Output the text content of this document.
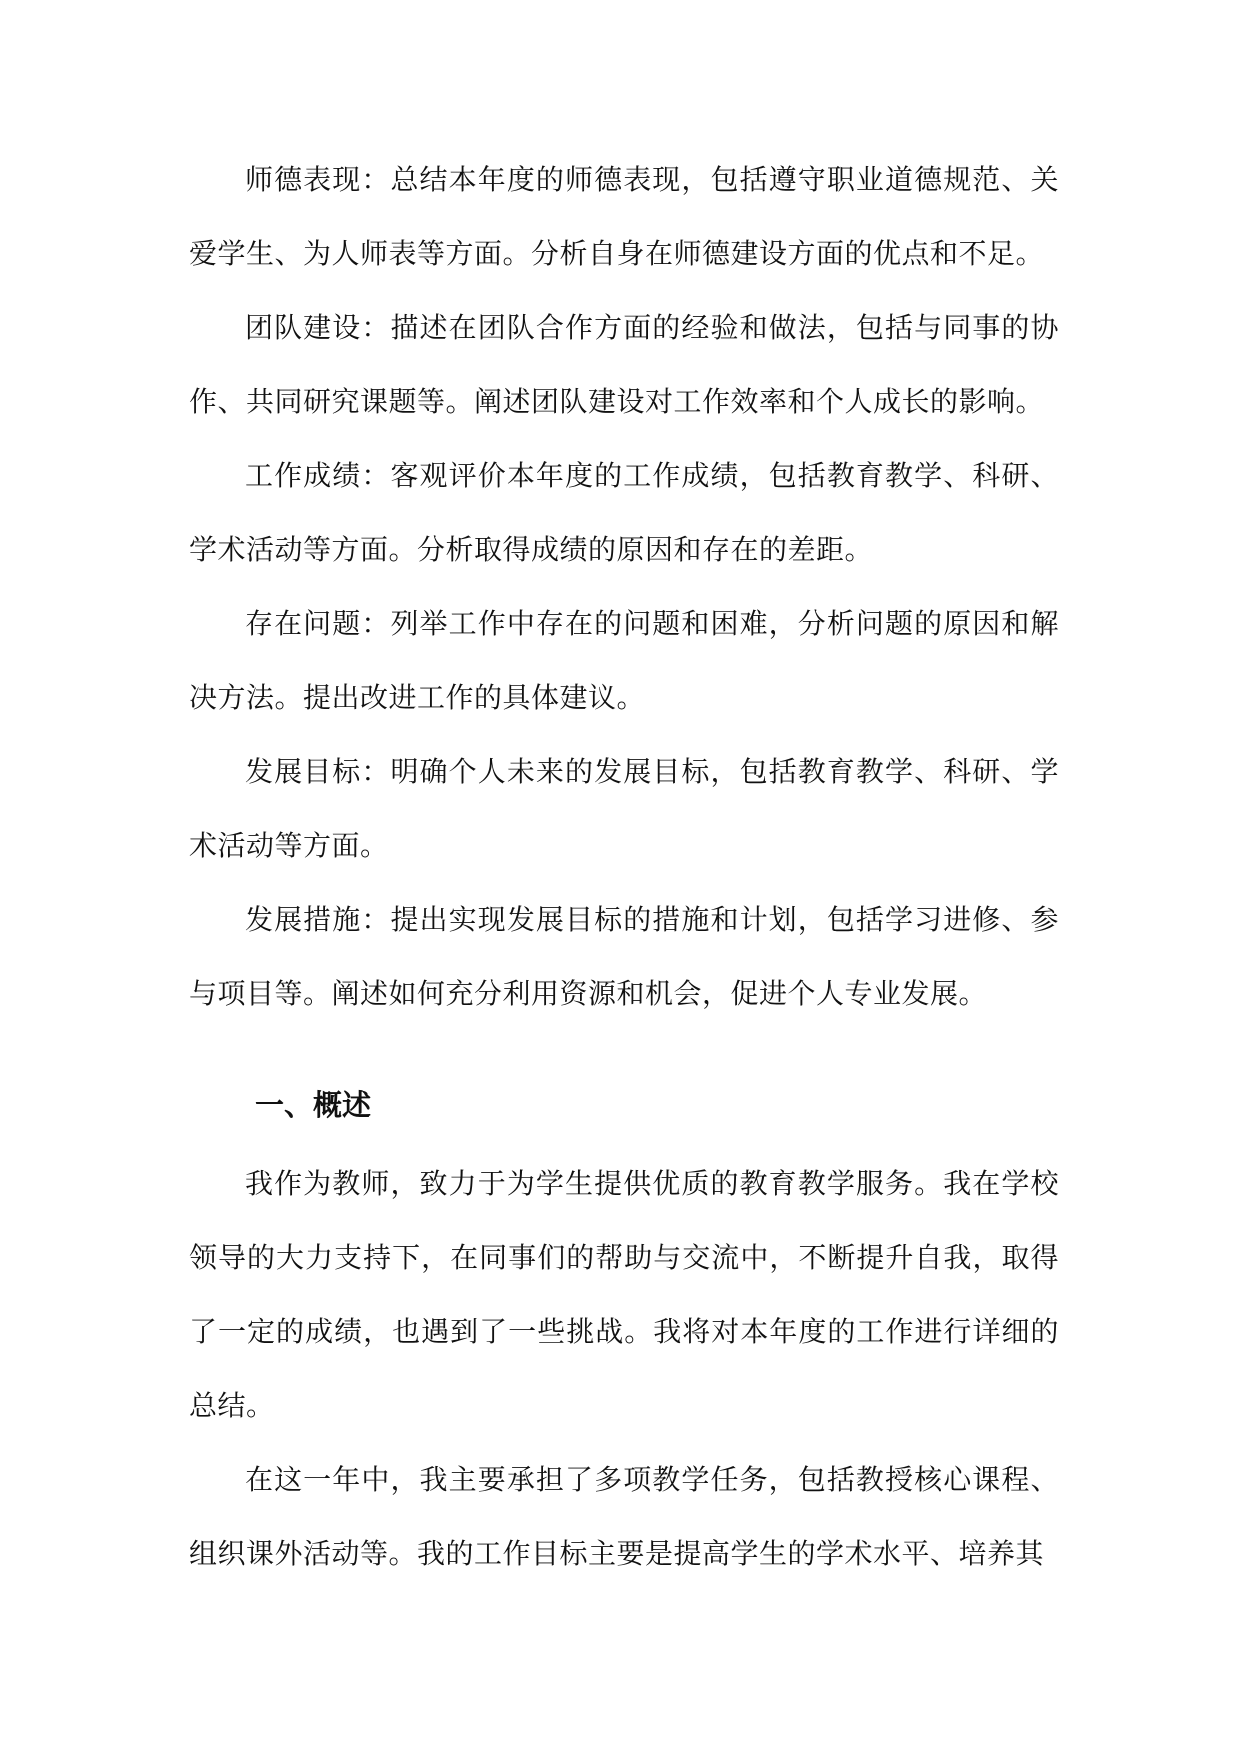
师德表现：总结本年度的师德表现，包括遵守职业道德规范、关爱学生、为人师表等方面。分析自身在师德建设方面的优点和不足。

团队建设：描述在团队合作方面的经验和做法，包括与同事的协作、共同研究课题等。阐述团队建设对工作效率和个人成长的影响。

工作成绩：客观评价本年度的工作成绩，包括教育教学、科研、学术活动等方面。分析取得成绩的原因和存在的差距。

存在问题：列举工作中存在的问题和困难，分析问题的原因和解决方法。提出改进工作的具体建议。

发展目标：明确个人未来的发展目标，包括教育教学、科研、学术活动等方面。

发展措施：提出实现发展目标的措施和计划，包括学习进修、参与项目等。阐述如何充分利用资源和机会，促进个人专业发展。

一、概述

我作为教师，致力于为学生提供优质的教育教学服务。我在学校领导的大力支持下，在同事们的帮助与交流中，不断提升自我，取得了一定的成绩，也遇到了一些挑战。我将对本年度的工作进行详细的总结。

在这一年中，我主要承担了多项教学任务，包括教授核心课程、组织课外活动等。我的工作目标主要是提高学生的学术水平、培养其
